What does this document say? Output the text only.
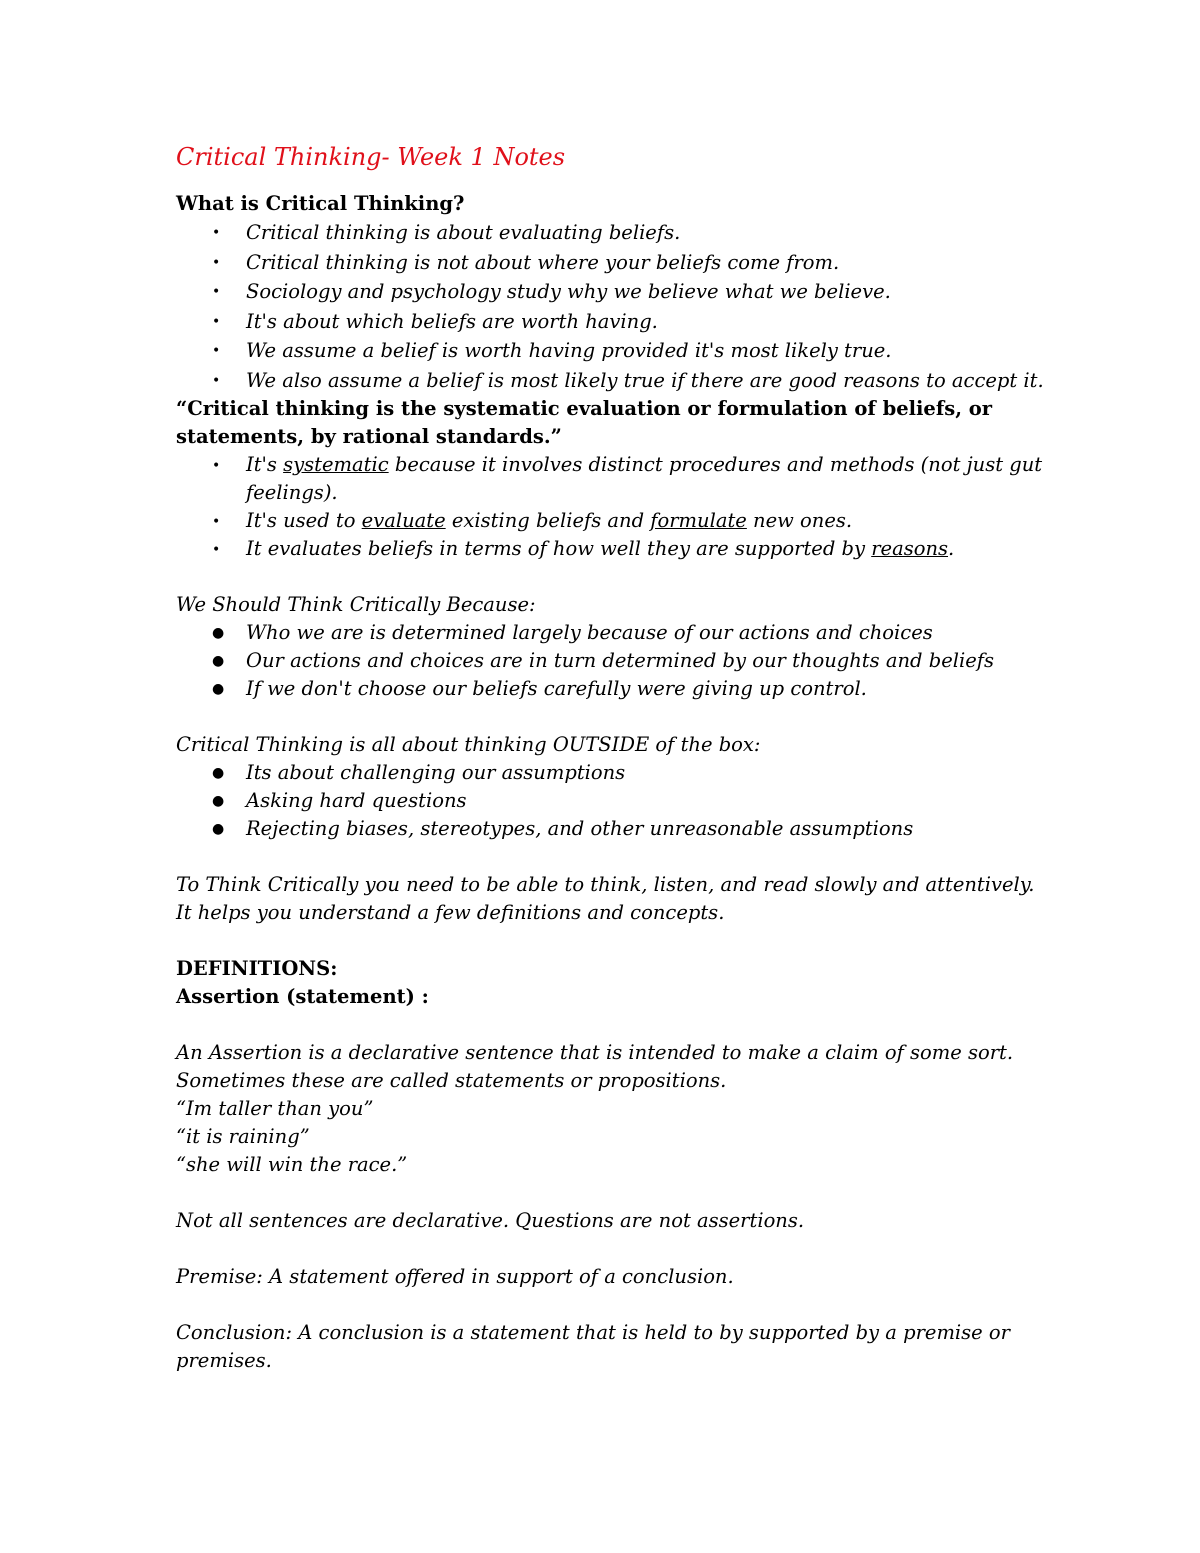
Critical Thinking- Week 1 Notes

What is Critical Thinking?

• Critical thinking is about evaluating beliefs.
• Critical thinking is not about where your beliefs come from.
• Sociology and psychology study why we believe what we believe.
• It's about which beliefs are worth having.
• We assume a belief is worth having provided it's most likely true.
• We also assume a belief is most likely true if there are good reasons to accept it.

“Critical thinking is the systematic evaluation or formulation of beliefs, or statements, by rational standards.”

• It's systematic because it involves distinct procedures and methods (not just gut feelings).
• It's used to evaluate existing beliefs and formulate new ones.
• It evaluates beliefs in terms of how well they are supported by reasons.

We Should Think Critically Because:

● Who we are is determined largely because of our actions and choices
● Our actions and choices are in turn determined by our thoughts and beliefs
● If we don't choose our beliefs carefully were giving up control.

Critical Thinking is all about thinking OUTSIDE of the box:

● Its about challenging our assumptions
● Asking hard questions
● Rejecting biases, stereotypes, and other unreasonable assumptions

To Think Critically you need to be able to think, listen, and read slowly and attentively.

It helps you understand a few definitions and concepts.

DEFINITIONS:

Assertion (statement) :

An Assertion is a declarative sentence that is intended to make a claim of some sort.

Sometimes these are called statements or propositions.

“Im taller than you”

“it is raining”

“she will win the race.”

Not all sentences are declarative. Questions are not assertions.

Premise: A statement offered in support of a conclusion.

Conclusion: A conclusion is a statement that is held to by supported by a premise or premises.
